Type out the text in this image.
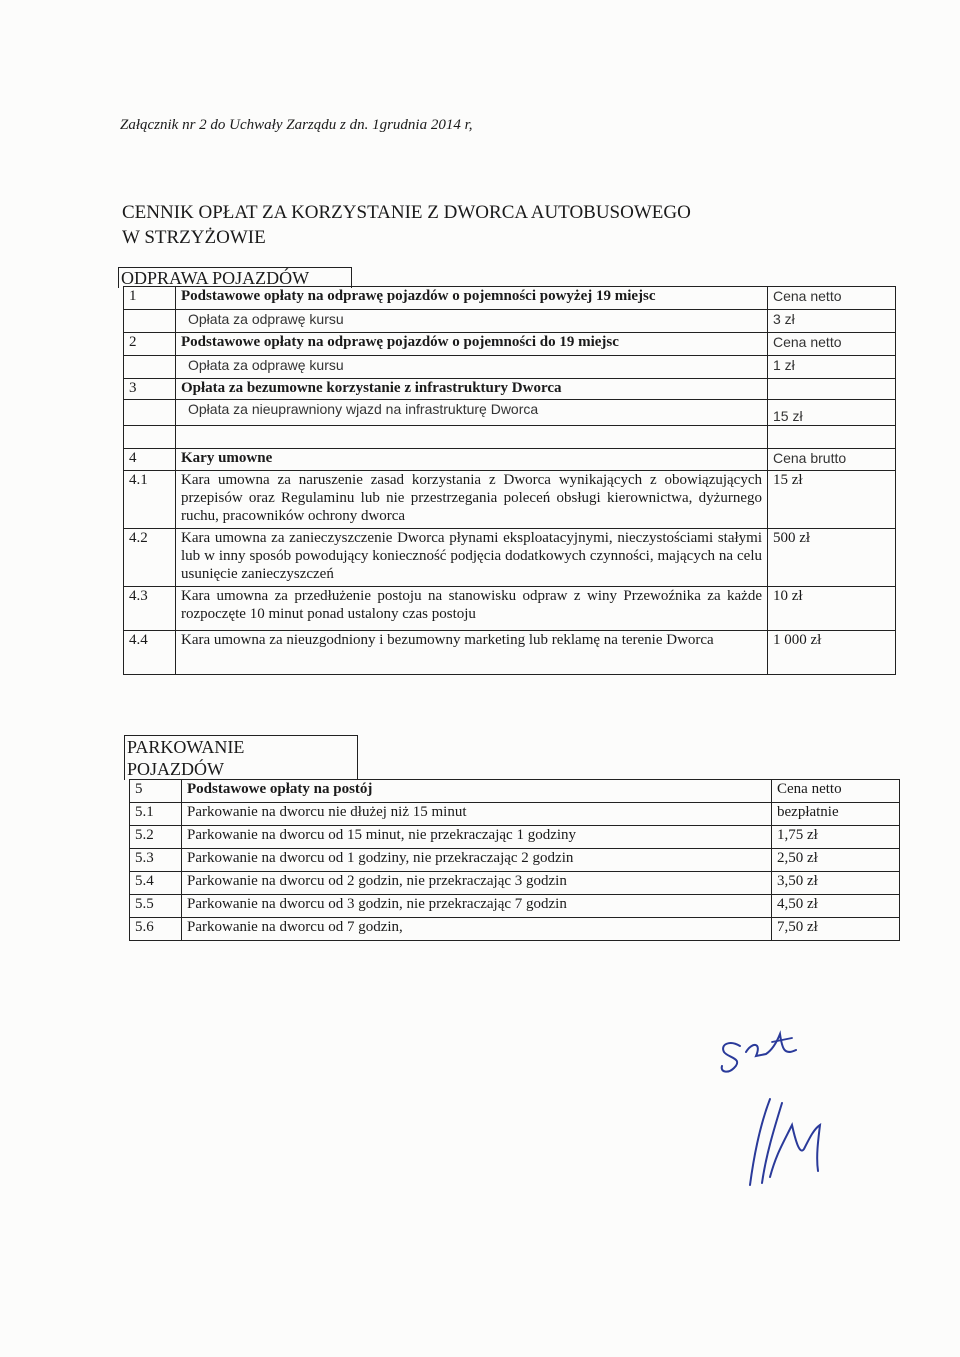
Załącznik nr 2 do Uchwały Zarządu z dn. 1grudnia 2014 r,
CENNIK OPŁAT ZA KORZYSTANIE Z DWORCA AUTOBUSOWEGO
W STRZYŻOWIE
ODPRAWA POJAZDÓW
1	Podstawowe opłaty na odprawę pojazdów o pojemności powyżej 19 miejsc	Cena netto
	Opłata za odprawę kursu	3 zł
2	Podstawowe opłaty na odprawę pojazdów o pojemności do 19 miejsc	Cena netto
	Opłata za odprawę kursu	1 zł
3	Opłata za bezumowne korzystanie z infrastruktury Dworca	
	Opłata za nieuprawniony wjazd na infrastrukturę Dworca	15 zł

4	Kary umowne	Cena brutto
4.1	Kara umowna za naruszenie zasad korzystania z Dworca wynikających z obowiązujących przepisów oraz Regulaminu lub nie przestrzegania poleceń obsługi kierownictwa, dyżurnego ruchu, pracowników ochrony dworca	15 zł
4.2	Kara umowna za zanieczyszczenie Dworca płynami eksploatacyjnymi, nieczystościami stałymi lub w inny sposób powodujący konieczność podjęcia dodatkowych czynności, mających na celu usunięcie zanieczyszczeń	500 zł
4.3	Kara umowna za przedłużenie postoju na stanowisku odpraw z winy Przewoźnika za każde rozpoczęte 10 minut ponad ustalony czas postoju	10 zł
4.4	Kara umowna za nieuzgodniony i bezumowny marketing lub reklamę na terenie Dworca	1 000 zł
PARKOWANIE
POJAZDÓW
5	Podstawowe opłaty na postój	Cena netto
5.1	Parkowanie na dworcu nie dłużej niż 15 minut	bezpłatnie
5.2	Parkowanie na dworcu od 15 minut, nie przekraczając 1 godziny	1,75 zł
5.3	Parkowanie na dworcu od 1 godziny, nie przekraczając 2 godzin	2,50 zł
5.4	Parkowanie na dworcu od 2 godzin, nie przekraczając 3 godzin	3,50 zł
5.5	Parkowanie na dworcu od 3 godzin, nie przekraczając 7 godzin	4,50 zł
5.6	Parkowanie na dworcu od 7 godzin,	7,50 zł
